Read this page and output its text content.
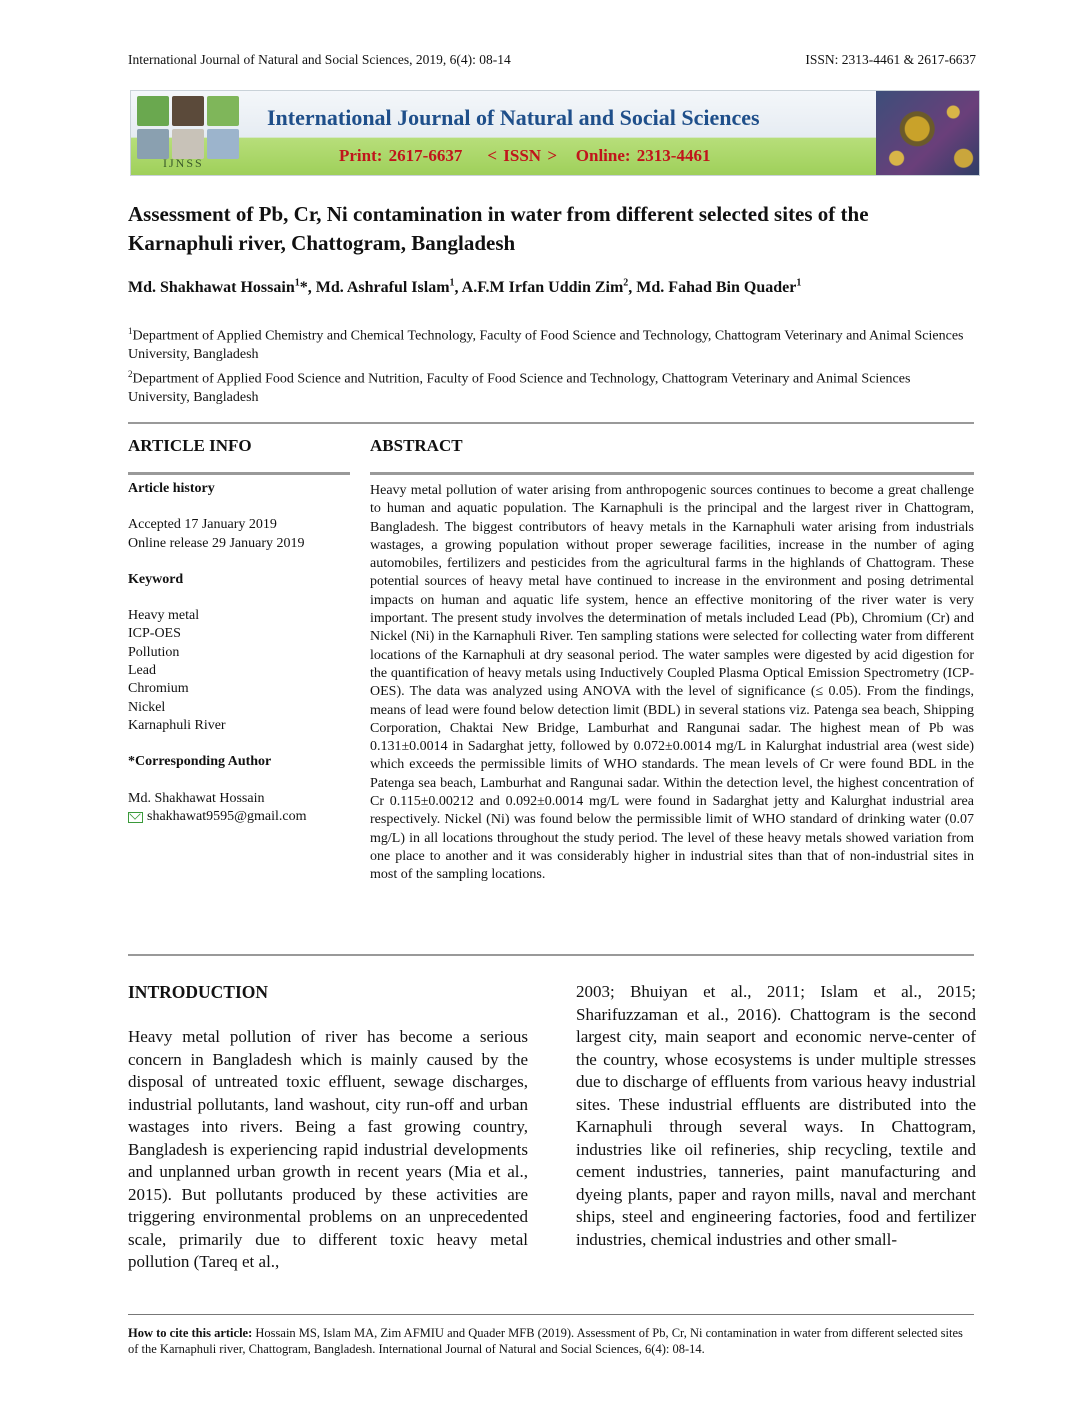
International Journal of Natural and Social Sciences, 2019, 6(4): 08-14	ISSN: 2313-4461 & 2617-6637
IJNSS
International Journal of Natural and Social Sciences
Print: 2617-6637    < ISSN >   Online: 2313-4461
Assessment of Pb, Cr, Ni contamination in water from different selected sites of the Karnaphuli river, Chattogram, Bangladesh
Md. Shakhawat Hossain$^1$*, Md. Ashraful Islam$^1$, A.F.M Irfan Uddin Zim$^2$, Md. Fahad Bin Quader$^1$
$^1$Department of Applied Chemistry and Chemical Technology, Faculty of Food Science and Technology, Chattogram Veterinary and Animal Sciences University, Bangladesh
$^2$Department of Applied Food Science and Nutrition, Faculty of Food Science and Technology, Chattogram Veterinary and Animal Sciences University, Bangladesh
ARTICLE INFO	ABSTRACT
Article history
Accepted 17 January 2019
Online release 29 January 2019
Keyword
Heavy metal
ICP-OES
Pollution
Lead
Chromium
Nickel
Karnaphuli River
*Corresponding Author
Md. Shakhawat Hossain
shakhawat9595@gmail.com
Heavy metal pollution of water arising from anthropogenic sources continues to become a great challenge to human and aquatic population. The Karnaphuli is the principal and the largest river in Chattogram, Bangladesh. The biggest contributors of heavy metals in the Karnaphuli water arising from industrials wastages, a growing population without proper sewerage facilities, increase in the number of aging automobiles, fertilizers and pesticides from the agricultural farms in the highlands of Chattogram. These potential sources of heavy metal have continued to increase in the environment and posing detrimental impacts on human and aquatic life system, hence an effective monitoring of the river water is very important. The present study involves the determination of metals included Lead (Pb), Chromium (Cr) and Nickel (Ni) in the Karnaphuli River. Ten sampling stations were selected for collecting water from different locations of the Karnaphuli at dry seasonal period. The water samples were digested by acid digestion for the quantification of heavy metals using Inductively Coupled Plasma Optical Emission Spectrometry (ICP-OES). The data was analyzed using ANOVA with the level of significance (≤ 0.05). From the findings, means of lead were found below detection limit (BDL) in several stations viz. Patenga sea beach, Shipping Corporation, Chaktai New Bridge, Lamburhat and Rangunai sadar. The highest mean of Pb was 0.131±0.0014 in Sadarghat jetty, followed by 0.072±0.0014 mg/L in Kalurghat industrial area (west side) which exceeds the permissible limits of WHO standards. The mean levels of Cr were found BDL in the Patenga sea beach, Lamburhat and Rangunai sadar. Within the detection level, the highest concentration of Cr 0.115±0.00212 and 0.092±0.0014 mg/L were found in Sadarghat jetty and Kalurghat industrial area respectively. Nickel (Ni) was found below the permissible limit of WHO standard of drinking water (0.07 mg/L) in all locations throughout the study period. The level of these heavy metals showed variation from one place to another and it was considerably higher in industrial sites than that of non-industrial sites in most of the sampling locations.
INTRODUCTION
Heavy metal pollution of river has become a serious concern in Bangladesh which is mainly caused by the disposal of untreated toxic effluent, sewage discharges, industrial pollutants, land washout, city run-off and urban wastages into rivers. Being a fast growing country, Bangladesh is experiencing rapid industrial developments and unplanned urban growth in recent years (Mia et al., 2015). But pollutants produced by these activities are triggering environmental problems on an unprecedented scale, primarily due to different toxic heavy metal pollution (Tareq et al.,
2003; Bhuiyan et al., 2011; Islam et al., 2015; Sharifuzzaman et al., 2016). Chattogram is the second largest city, main seaport and economic nerve-center of the country, whose ecosystems is under multiple stresses due to discharge of effluents from various heavy industrial sites. These industrial effluents are distributed into the Karnaphuli through several ways. In Chattogram, industries like oil refineries, ship recycling, textile and cement industries, tanneries, paint manufacturing and dyeing plants, paper and rayon mills, naval and merchant ships, steel and engineering factories, food and fertilizer industries, chemical industries and other small-
How to cite this article: Hossain MS, Islam MA, Zim AFMIU and Quader MFB (2019). Assessment of Pb, Cr, Ni contamination in water from different selected sites of the Karnaphuli river, Chattogram, Bangladesh. International Journal of Natural and Social Sciences, 6(4): 08-14.
